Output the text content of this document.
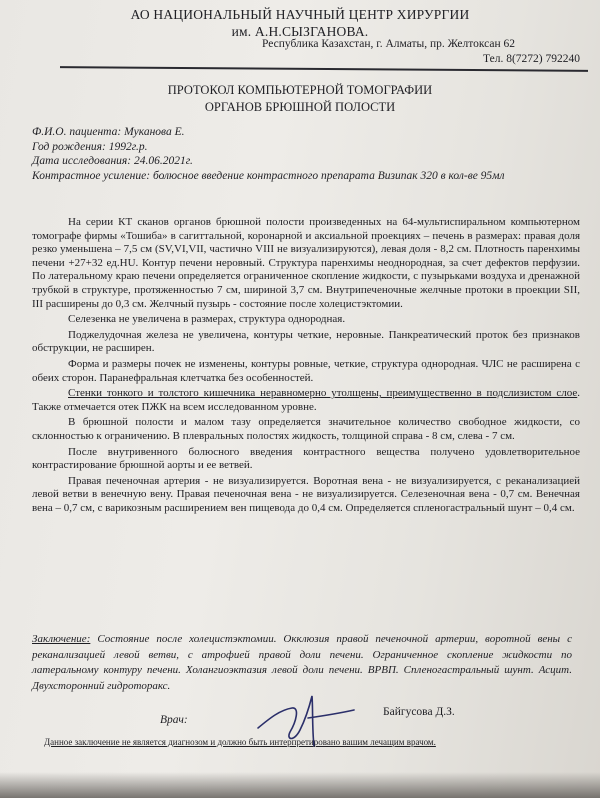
АО НАЦИОНАЛЬНЫЙ НАУЧНЫЙ ЦЕНТР ХИРУРГИИ
им. А.Н.СЫЗГАНОВА.
Республика Казахстан, г. Алматы, пр. Желтоксан 62
Тел. 8(7272) 792240
ПРОТОКОЛ КОМПЬЮТЕРНОЙ ТОМОГРАФИИ
ОРГАНОВ БРЮШНОЙ ПОЛОСТИ
Ф.И.О. пациента: Муканова Е.
Год рождения: 1992г.р.
Дата исследования: 24.06.2021г.
Контрастное усиление: болюсное введение контрастного препарата Визипак 320 в кол-ве 95мл

На серии КТ сканов органов брюшной полости произведенных на 64-мультиспиральном компьютерном томографе фирмы «Тошиба» в сагиттальной, коронарной и аксиальной проекциях – печень в размерах: правая доля резко уменьшена – 7,5 см (SV,VI,VII, частично VIII не визуализируются), левая доля - 8,2 см. Плотность паренхимы печени +27+32 ед.HU. Контур печени неровный. Структура паренхимы неоднородная, за счет дефектов перфузии. По латеральному краю печени определяется ограниченное скопление жидкости, с пузырьками воздуха и дренажной трубкой в структуре, протяженностью 7 см, шириной 3,7 см. Внутрипеченочные желчные протоки в проекции SII, III расширены до 0,3 см. Желчный пузырь - состояние после холецистэктомии.

Селезенка не увеличена в размерах, структура однородная.

Поджелудочная железа не увеличена, контуры четкие, неровные. Панкреатический проток без признаков обструкции, не расширен.

Форма и размеры почек не изменены, контуры ровные, четкие, структура однородная. ЧЛС не расширена с обеих сторон. Паранефральная клетчатка без особенностей.

Стенки тонкого и толстого кишечника неравномерно утолщены, преимущественно в подслизистом слое. Также отмечается отек ПЖК на всем исследованном уровне.

В брюшной полости и малом тазу определяется значительное количество свободное жидкости, со склонностью к ограничению. В плевральных полостях жидкость, толщиной справа - 8 см, слева - 7 см.

После внутривенного болюсного введения контрастного вещества получено удовлетворительное контрастирование брюшной аорты и ее ветвей.

Правая печеночная артерия - не визуализируется. Воротная вена - не визуализируется, с реканализацией левой ветви в венечную вену. Правая печеночная вена - не визуализируется. Селезеночная вена - 0,7 см. Венечная вена – 0,7 см, с варикозным расширением вен пищевода до 0,4 см. Определяется спленогастральный шунт – 0,4 см.

Заключение: Состояние после холецистэктомии. Окклюзия правой печеночной артерии, воротной вены с реканализацией левой ветви, с атрофией правой доли печени. Ограниченное скопление жидкости по латеральному контуру печени. Холангиоэктазия левой доли печени. ВРВП. Спленогастральный шунт. Асцит. Двухсторонний гидроторакс.
Врач:
Байгусова Д.З.
Данное заключение не является диагнозом и должно быть интерпретировано вашим лечащим врачом.
